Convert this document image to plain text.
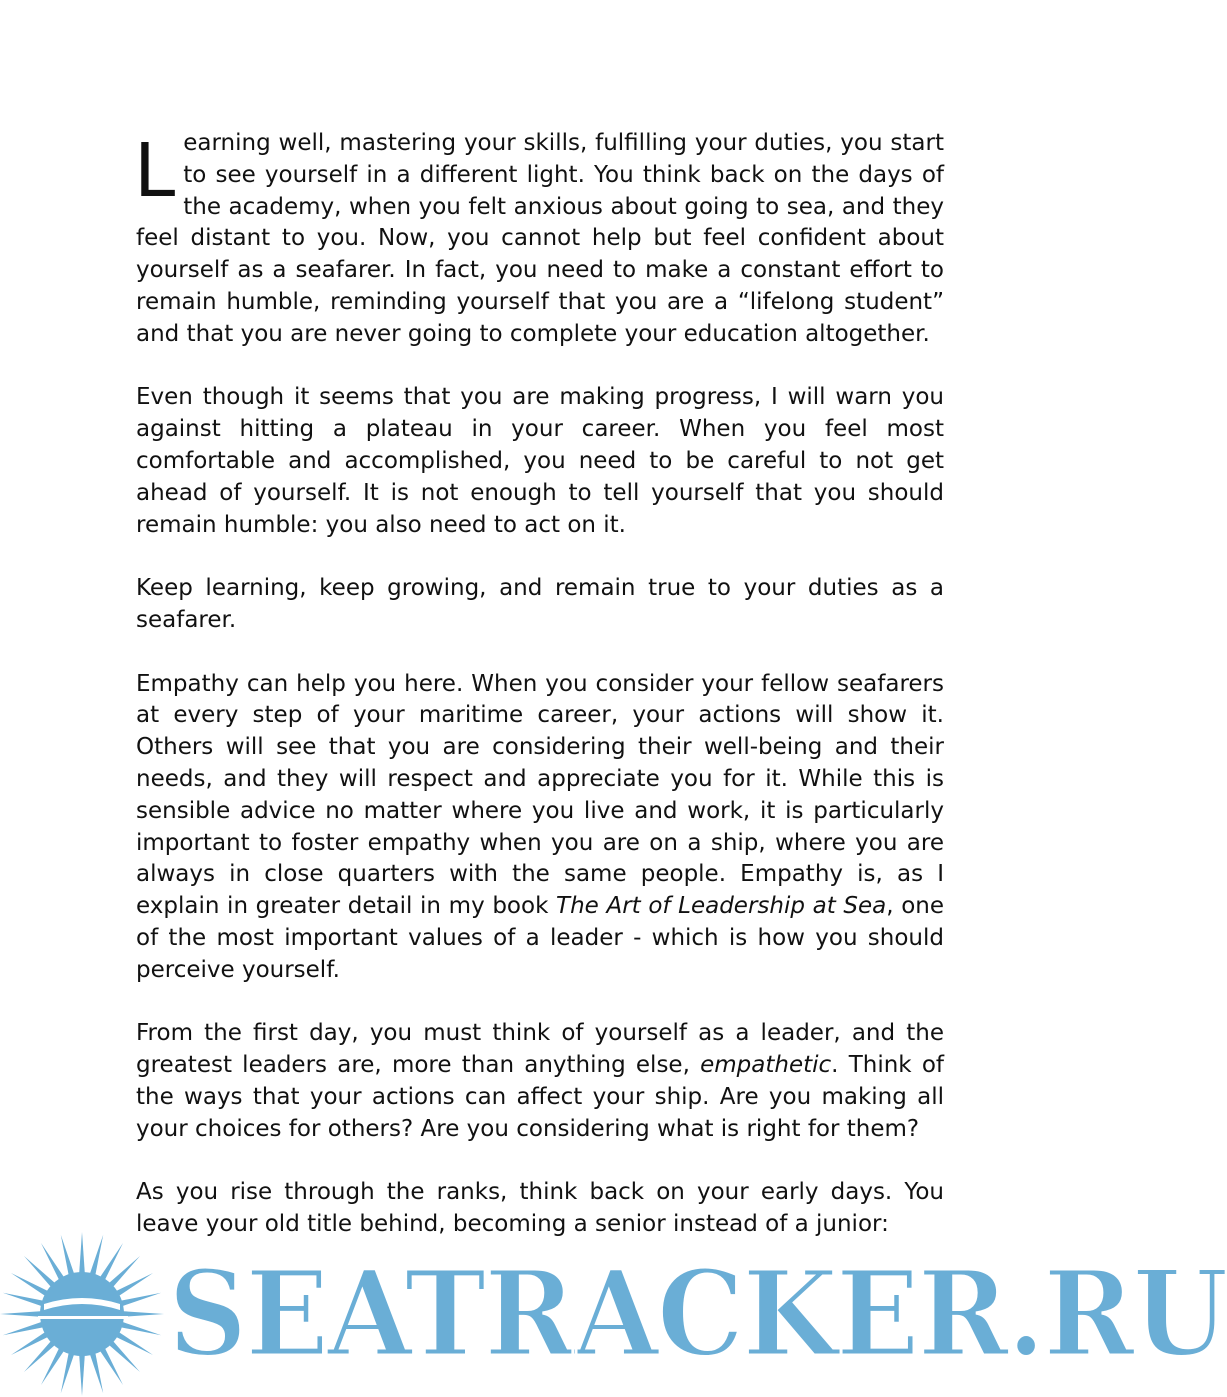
Learning well, mastering your skills, fulfilling your duties, you start to see yourself in a different light. You think back on the days of the academy, when you felt anxious about going to sea, and they feel distant to you. Now, you cannot help but feel confident about yourself as a seafarer. In fact, you need to make a constant effort to remain humble, reminding yourself that you are a “lifelong student” and that you are never going to complete your education altogether.

Even though it seems that you are making progress, I will warn you against hitting a plateau in your career. When you feel most comfortable and accomplished, you need to be careful to not get ahead of yourself. It is not enough to tell yourself that you should remain humble: you also need to act on it.

Keep learning, keep growing, and remain true to your duties as a seafarer.

Empathy can help you here. When you consider your fellow seafarers at every step of your maritime career, your actions will show it. Others will see that you are considering their well-being and their needs, and they will respect and appreciate you for it. While this is sensible advice no matter where you live and work, it is particularly important to foster empathy when you are on a ship, where you are always in close quarters with the same people. Empathy is, as I explain in greater detail in my book The Art of Leadership at Sea, one of the most important values of a leader - which is how you should perceive yourself.

From the first day, you must think of yourself as a leader, and the greatest leaders are, more than anything else, empathetic. Think of the ways that your actions can affect your ship. Are you making all your choices for others? Are you considering what is right for them?

As you rise through the ranks, think back on your early days. You leave your old title behind, becoming a senior instead of a junior:

SEATRACKER.RU
